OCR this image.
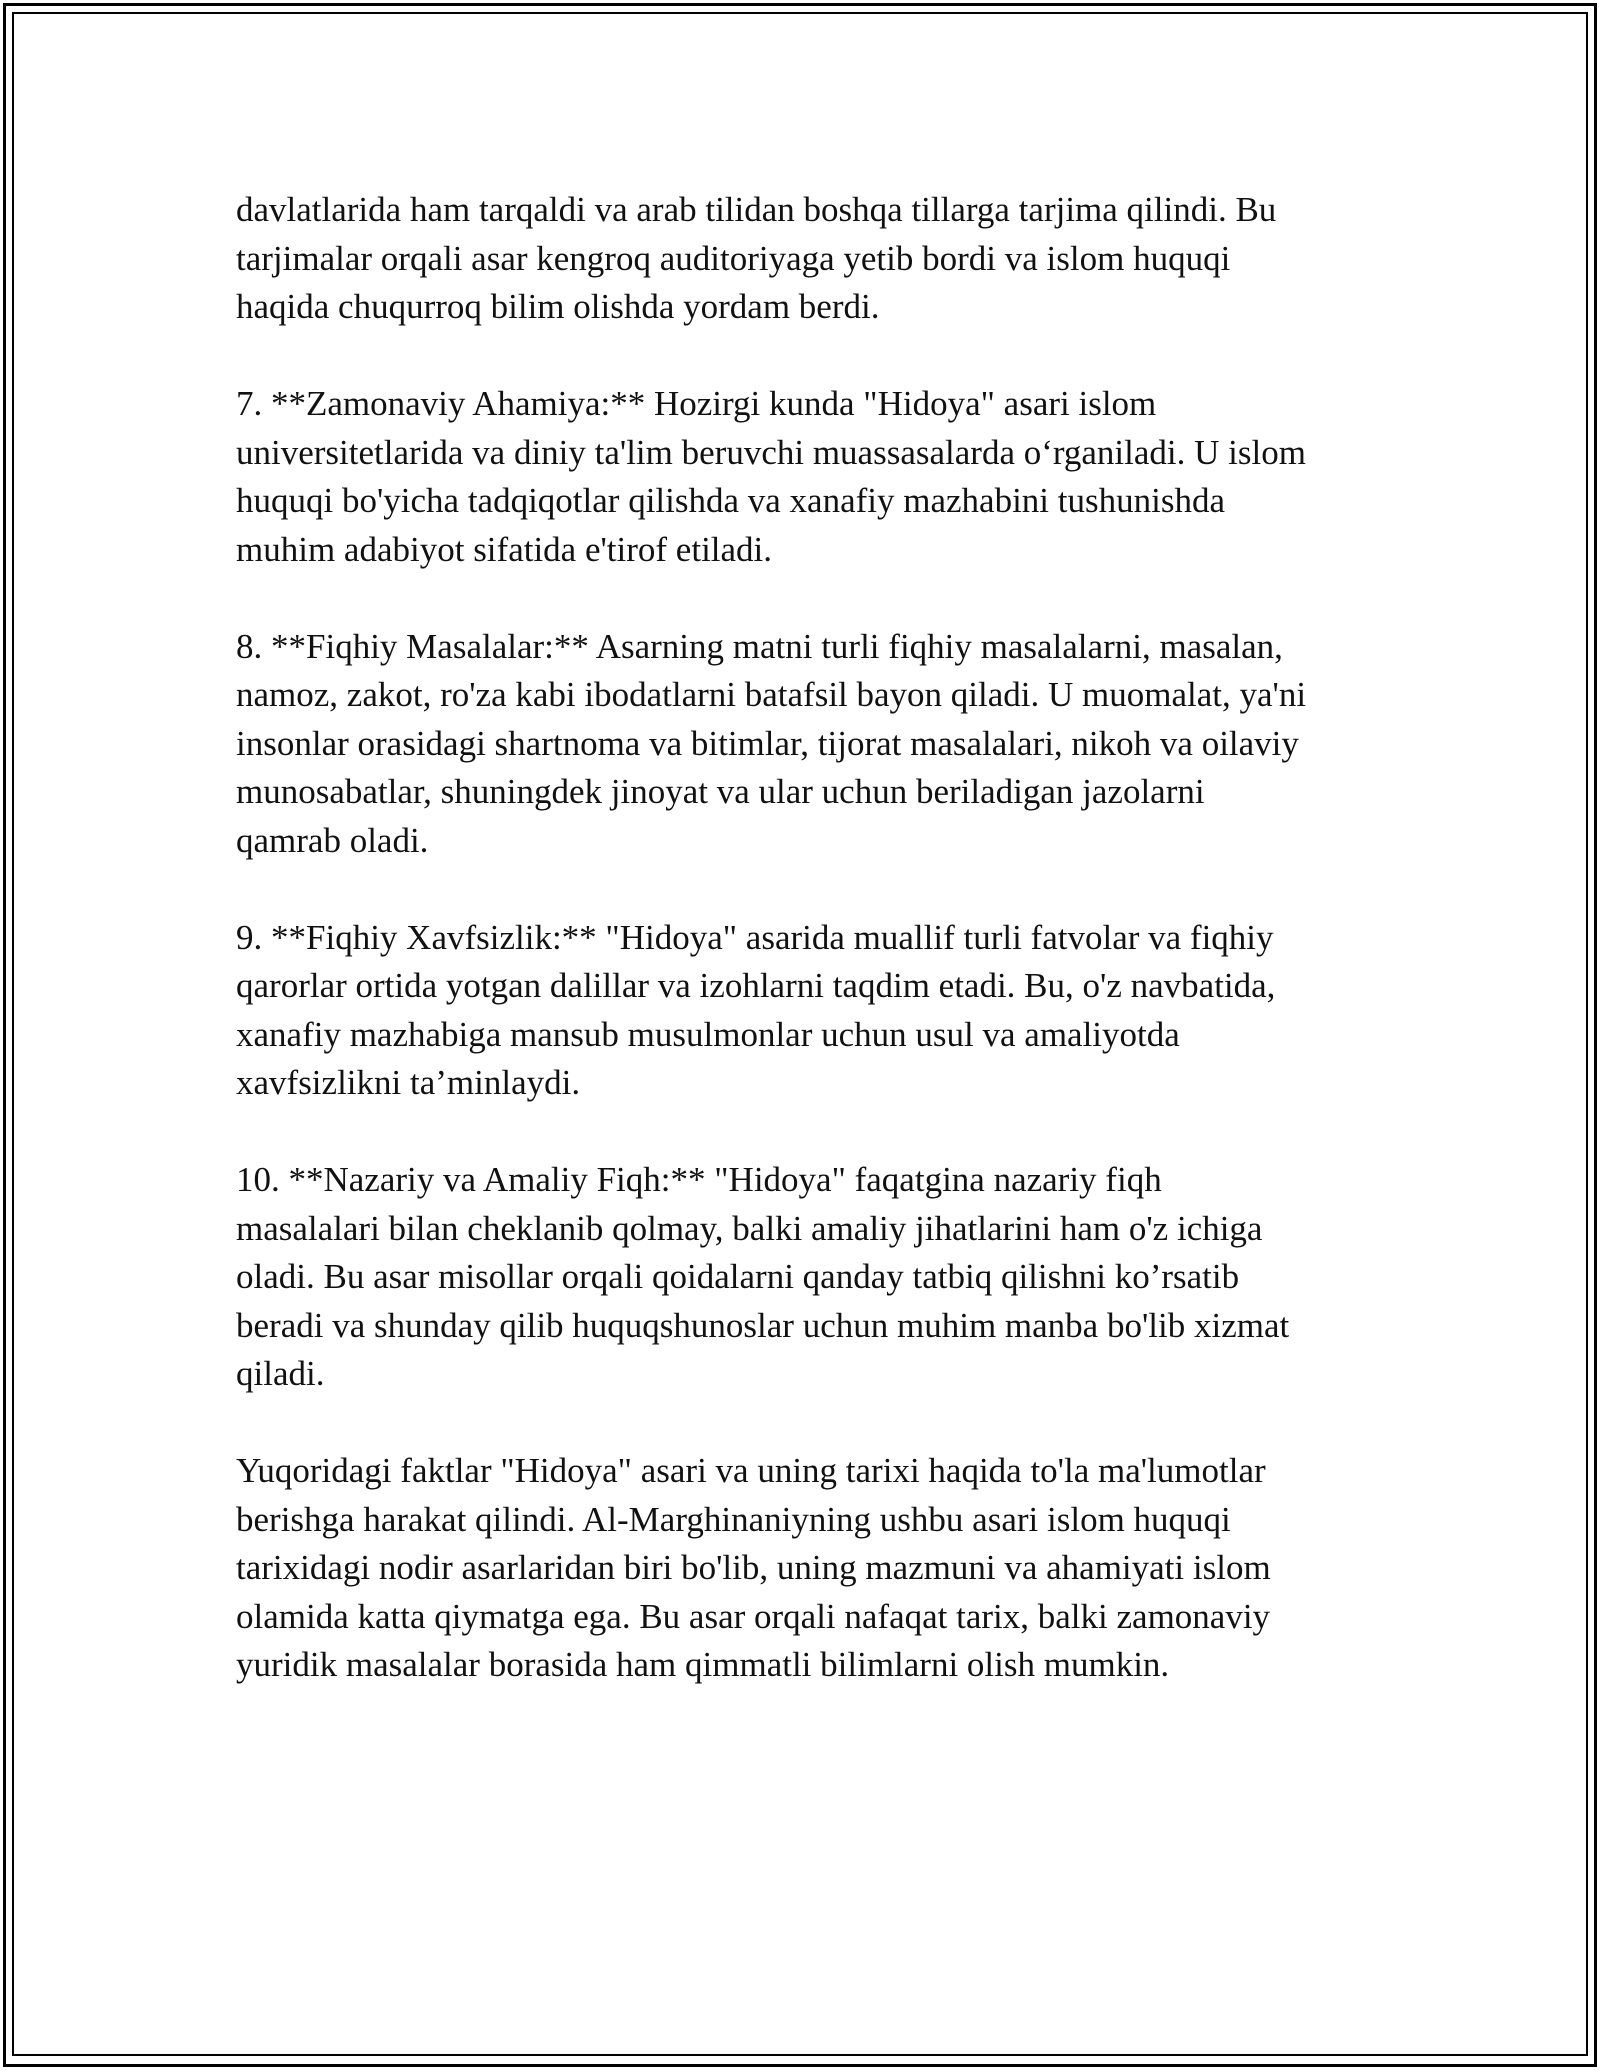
davlatlarida ham tarqaldi va arab tilidan boshqa tillarga tarjima qilindi. Bu
tarjimalar orqali asar kengroq auditoriyaga yetib bordi va islom huquqi
haqida chuqurroq bilim olishda yordam berdi.

7. **Zamonaviy Ahamiya:** Hozirgi kunda "Hidoya" asari islom
universitetlarida va diniy ta'lim beruvchi muassasalarda o‘rganiladi. U islom
huquqi bo'yicha tadqiqotlar qilishda va xanafiy mazhabini tushunishda
muhim adabiyot sifatida e'tirof etiladi.

8. **Fiqhiy Masalalar:** Asarning matni turli fiqhiy masalalarni, masalan,
namoz, zakot, ro'za kabi ibodatlarni batafsil bayon qiladi. U muomalat, ya'ni
insonlar orasidagi shartnoma va bitimlar, tijorat masalalari, nikoh va oilaviy
munosabatlar, shuningdek jinoyat va ular uchun beriladigan jazolarni
qamrab oladi.

9. **Fiqhiy Xavfsizlik:** "Hidoya" asarida muallif turli fatvolar va fiqhiy
qarorlar ortida yotgan dalillar va izohlarni taqdim etadi. Bu, o'z navbatida,
xanafiy mazhabiga mansub musulmonlar uchun usul va amaliyotda
xavfsizlikni ta’minlaydi.

10. **Nazariy va Amaliy Fiqh:** "Hidoya" faqatgina nazariy fiqh
masalalari bilan cheklanib qolmay, balki amaliy jihatlarini ham o'z ichiga
oladi. Bu asar misollar orqali qoidalarni qanday tatbiq qilishni ko’rsatib
beradi va shunday qilib huquqshunoslar uchun muhim manba bo'lib xizmat
qiladi.

Yuqoridagi faktlar "Hidoya" asari va uning tarixi haqida to'la ma'lumotlar
berishga harakat qilindi. Al-Marghinaniyning ushbu asari islom huquqi
tarixidagi nodir asarlaridan biri bo'lib, uning mazmuni va ahamiyati islom
olamida katta qiymatga ega. Bu asar orqali nafaqat tarix, balki zamonaviy
yuridik masalalar borasida ham qimmatli bilimlarni olish mumkin.
